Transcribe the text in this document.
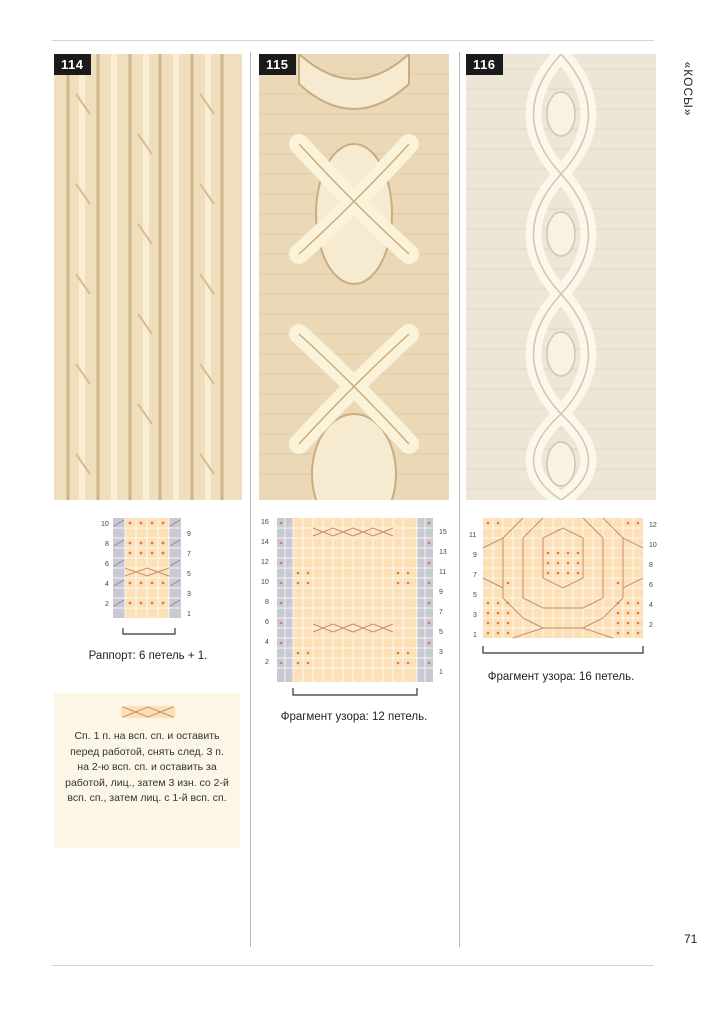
«КОСЫ»
114	115	116
10
8
6
4
2
9
7
5
3
1
Раппорт: 6 петель + 1.
16
14
12
10
8
6
4
2
15
13
11
9
7
5
3
1
Фрагмент узора: 12 петель.
11
9
7
5
3
1
12
10
8
6
4
2
Фрагмент узора: 16 петель.
Сп. 1 п. на всп. сп. и оставить перед работой, снять след. 3 п. на 2-ю всп. сп. и оставить за работой, лиц., затем 3 изн. со 2-й всп. сп., затем лиц. с 1-й всп. сп.
71
